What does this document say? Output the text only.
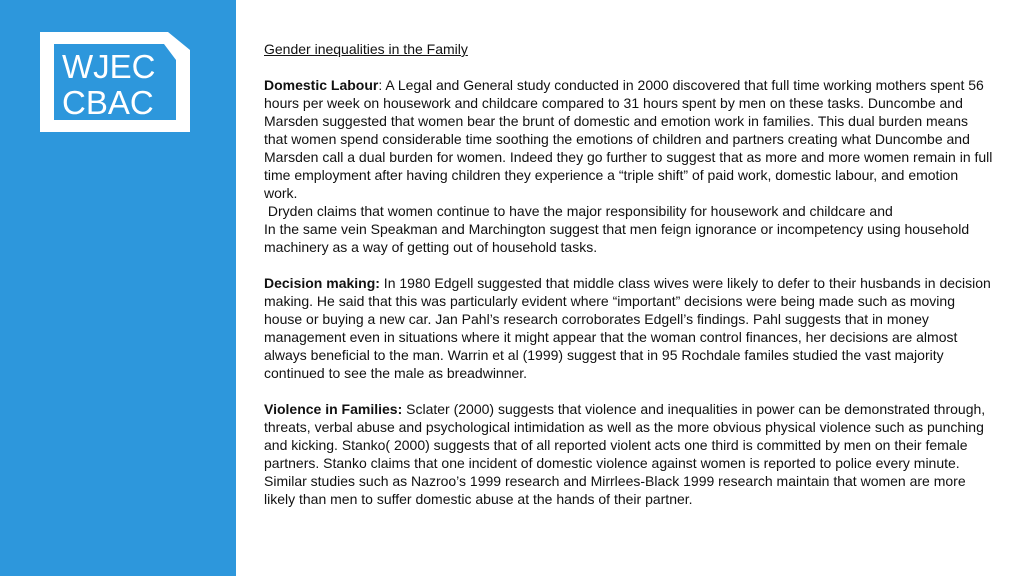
WJEC
CBAC

Gender inequalities in the Family

Domestic Labour: A Legal and General study conducted in 2000 discovered that full time working mothers spent 56 hours per week on housework and childcare compared to 31 hours spent by men on these tasks. Duncombe and Marsden suggested that women bear the brunt of domestic and emotion work in families. This dual burden means that women spend considerable time soothing the emotions of children and partners creating what Duncombe and Marsden call a dual burden for women. Indeed they go further to suggest that as more and more women remain in full time employment after having children they experience a “triple shift” of paid work, domestic labour, and emotion work.
Dryden claims that women continue to have the major responsibility for housework and childcare and
In the same vein Speakman and Marchington suggest that men feign ignorance or incompetency using household machinery as a way of getting out of household tasks.

Decision making: In 1980 Edgell suggested that middle class wives were likely to defer to their husbands in decision making. He said that this was particularly evident where “important” decisions were being made such as moving house or buying a new car. Jan Pahl’s research corroborates Edgell’s findings. Pahl suggests that in money management even in situations where it might appear that the woman control finances, her decisions are almost always beneficial to the man. Warrin et al (1999) suggest that in 95 Rochdale familes studied the vast majority continued to see the male as breadwinner.

Violence in Families: Sclater (2000) suggests that violence and inequalities in power can be demonstrated through, threats, verbal abuse and psychological intimidation as well as the more obvious physical violence such as punching and kicking. Stanko( 2000) suggests that of all reported violent acts one third is committed by men on their female partners. Stanko claims that one incident of domestic violence against women is reported to police every minute. Similar studies such as Nazroo’s 1999 research and Mirrlees-Black 1999 research maintain that women are more likely than men to suffer domestic abuse at the hands of their partner.
